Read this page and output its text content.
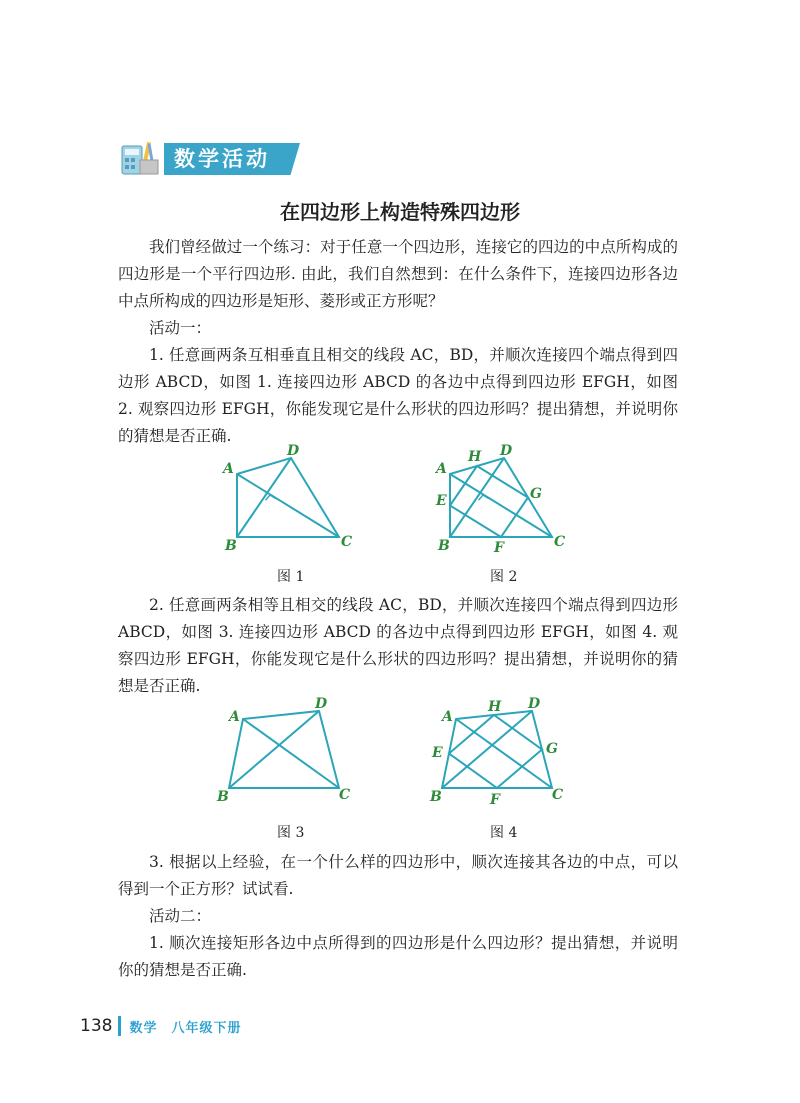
数学活动
在四边形上构造特殊四边形

我们曾经做过一个练习：对于任意一个四边形，连接它的四边的中点所构成的四边形是一个平行四边形. 由此，我们自然想到：在什么条件下，连接四边形各边中点所构成的四边形是矩形、菱形或正方形呢？

活动一：

1. 任意画两条互相垂直且相交的线段 AC，BD，并顺次连接四个端点得到四边形 ABCD，如图 1. 连接四边形 ABCD 的各边中点得到四边形 EFGH，如图 2. 观察四边形 EFGH，你能发现它是什么形状的四边形吗？提出猜想，并说明你的猜想是否正确.

A
D
B	C
图 1
A
H D
E	G
B	F	C
图 2

2. 任意画两条相等且相交的线段 AC，BD，并顺次连接四个端点得到四边形 ABCD，如图 3. 连接四边形 ABCD 的各边中点得到四边形 EFGH，如图 4. 观察四边形 EFGH，你能发现它是什么形状的四边形吗？提出猜想，并说明你的猜想是否正确.

A
D
B	C
图 3
A
H D
E	G
B	F	C
图 4

3. 根据以上经验，在一个什么样的四边形中，顺次连接其各边的中点，可以得到一个正方形？试试看.

活动二：

1. 顺次连接矩形各边中点所得到的四边形是什么四边形？提出猜想，并说明你的猜想是否正确.

138 数学 八年级下册
